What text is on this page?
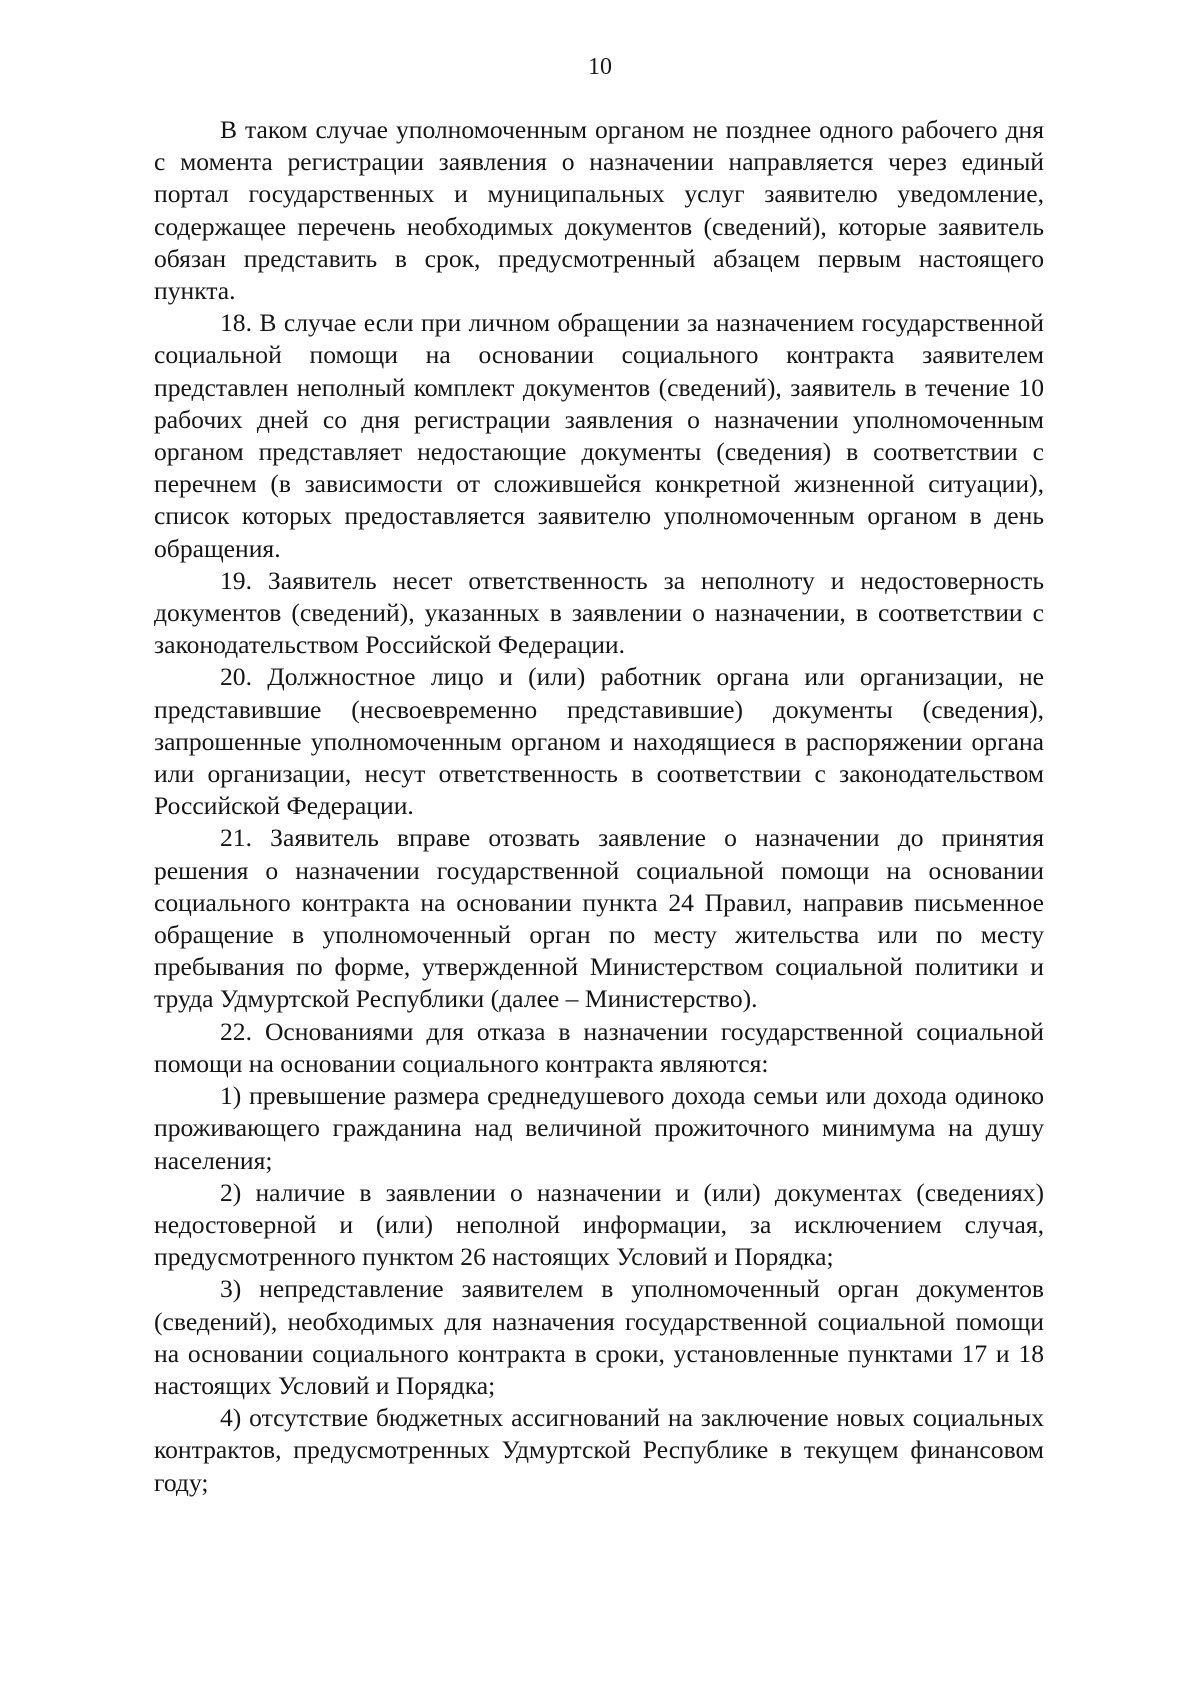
10

В таком случае уполномоченным органом не позднее одного рабочего дня с момента регистрации заявления о назначении направляется через единый портал государственных и муниципальных услуг заявителю уведомление, содержащее перечень необходимых документов (сведений), которые заявитель обязан представить в срок, предусмотренный абзацем первым настоящего пункта.

18. В случае если при личном обращении за назначением государственной социальной помощи на основании социального контракта заявителем представлен неполный комплект документов (сведений), заявитель в течение 10 рабочих дней со дня регистрации заявления о назначении уполномоченным органом представляет недостающие документы (сведения) в соответствии с перечнем (в зависимости от сложившейся конкретной жизненной ситуации), список которых предоставляется заявителю уполномоченным органом в день обращения.

19. Заявитель несет ответственность за неполноту и недостоверность документов (сведений), указанных в заявлении о назначении, в соответствии с законодательством Российской Федерации.

20. Должностное лицо и (или) работник органа или организации, не представившие (несвоевременно представившие) документы (сведения), запрошенные уполномоченным органом и находящиеся в распоряжении органа или организации, несут ответственность в соответствии с законодательством Российской Федерации.

21. Заявитель вправе отозвать заявление о назначении до принятия решения о назначении государственной социальной помощи на основании социального контракта на основании пункта 24 Правил, направив письменное обращение в уполномоченный орган по месту жительства или по месту пребывания по форме, утвержденной Министерством социальной политики и труда Удмуртской Республики (далее – Министерство).

22. Основаниями для отказа в назначении государственной социальной помощи на основании социального контракта являются:

1) превышение размера среднедушевого дохода семьи или дохода одиноко проживающего гражданина над величиной прожиточного минимума на душу населения;

2) наличие в заявлении о назначении и (или) документах (сведениях) недостоверной и (или) неполной информации, за исключением случая, предусмотренного пунктом 26 настоящих Условий и Порядка;

3) непредставление заявителем в уполномоченный орган документов (сведений), необходимых для назначения государственной социальной помощи на основании социального контракта в сроки, установленные пунктами 17 и 18 настоящих Условий и Порядка;

4) отсутствие бюджетных ассигнований на заключение новых социальных контрактов, предусмотренных Удмуртской Республике в текущем финансовом году;
